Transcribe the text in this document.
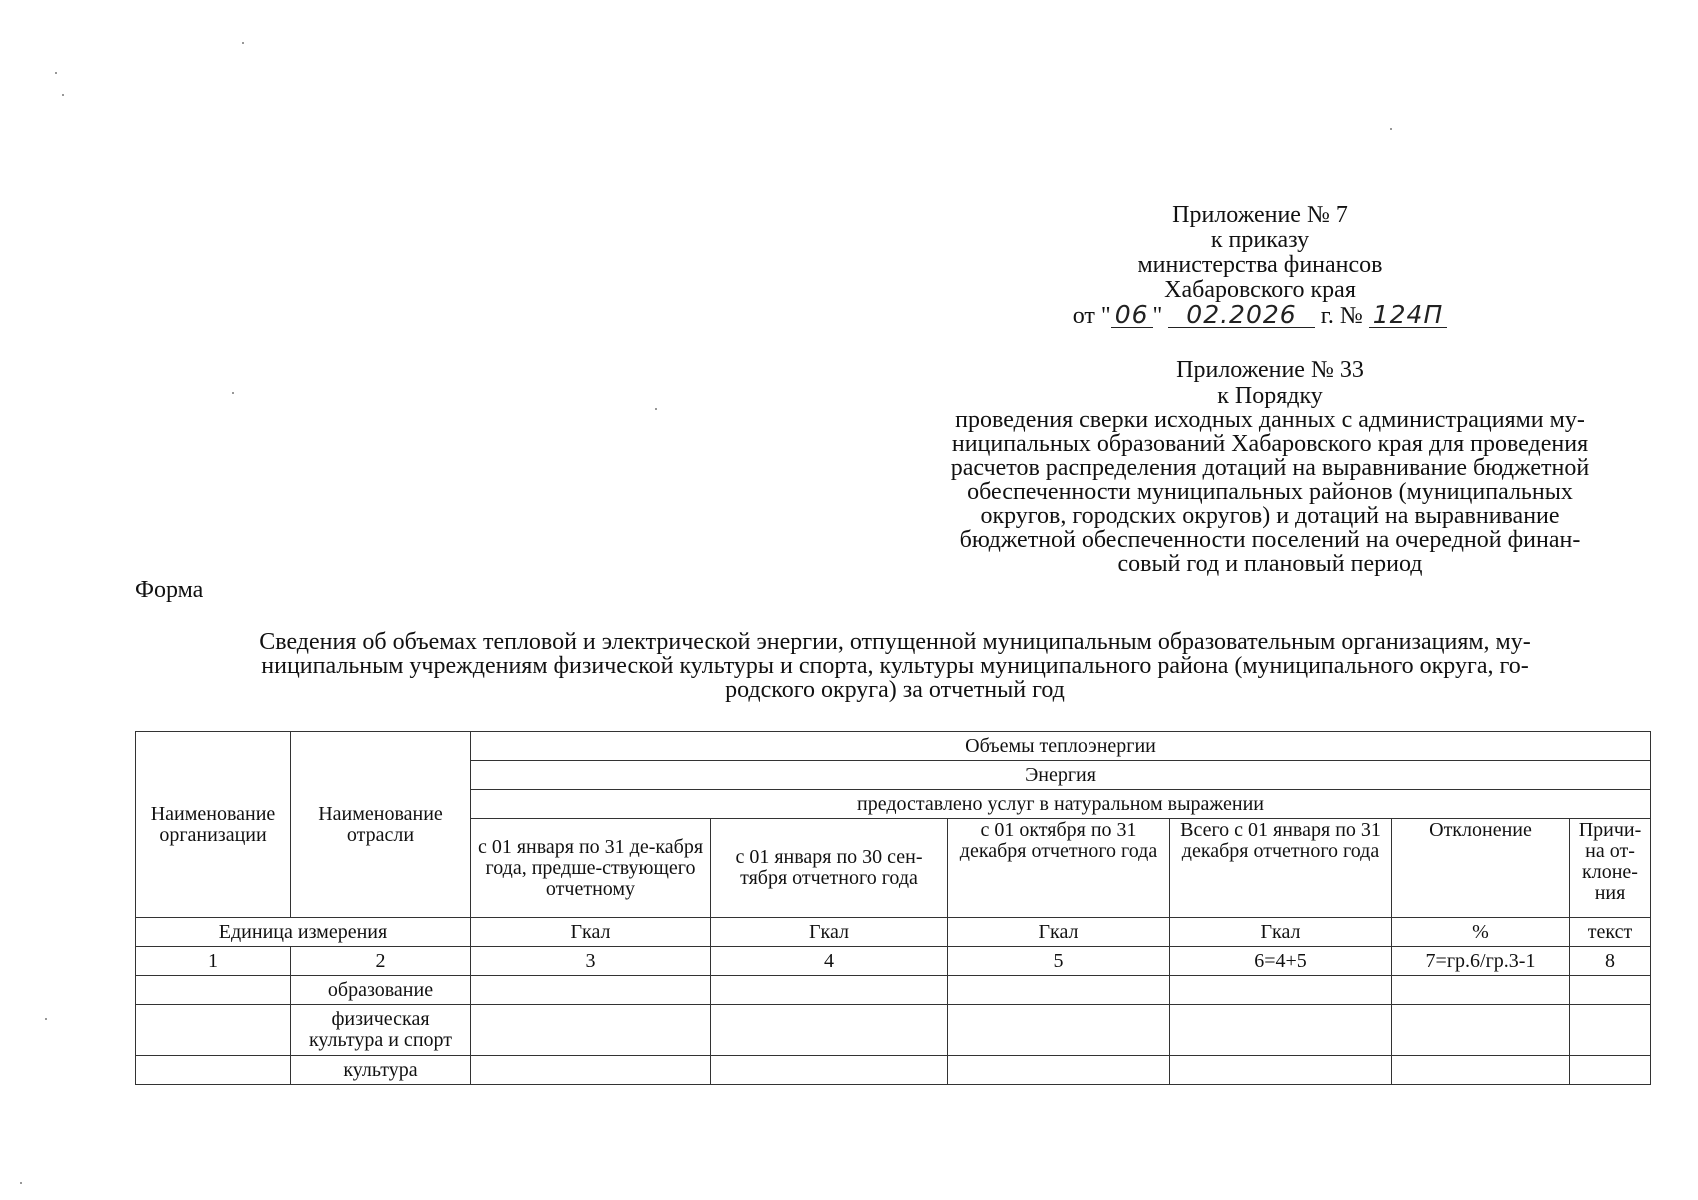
Приложение № 7
к приказу
министерства финансов
Хабаровского края
от " 06 " 02.2026 г. № 124П
Приложение № 33
к Порядку
проведения сверки исходных данных с администрациями му-
ниципальных образований Хабаровского края для проведения
расчетов распределения дотаций на выравнивание бюджетной
обеспеченности муниципальных районов (муниципальных
округов, городских округов) и дотаций на выравнивание
бюджетной обеспеченности поселений на очередной финан-
совый год и плановый период
Форма
Сведения об объемах тепловой и электрической энергии, отпущенной муниципальным образовательным организациям, му-
ниципальным учреждениям физической культуры и спорта, культуры муниципального района (муниципального округа, го-
родского округа) за отчетный год
Наименование организации	Наименование отрасли	Объемы теплоэнергии					
		Энергия					
		предоставлено услуг в натуральном выражении					
		с 01 января по 31 де-кабря года, предше-ствующего отчетному	с 01 января по 30 сен-тября отчетного года	с 01 октября по 31 декабря отчетного года	Всего с 01 января по 31 декабря отчетного года	Отклонение	Причи-на от-клоне-ния
Единица измерения		Гкал	Гкал	Гкал	Гкал	%	текст
1	2	3	4	5	6=4+5	7=гр.6/гр.3-1	8
	образование						
	физическая культура и спорт						
	культура						
